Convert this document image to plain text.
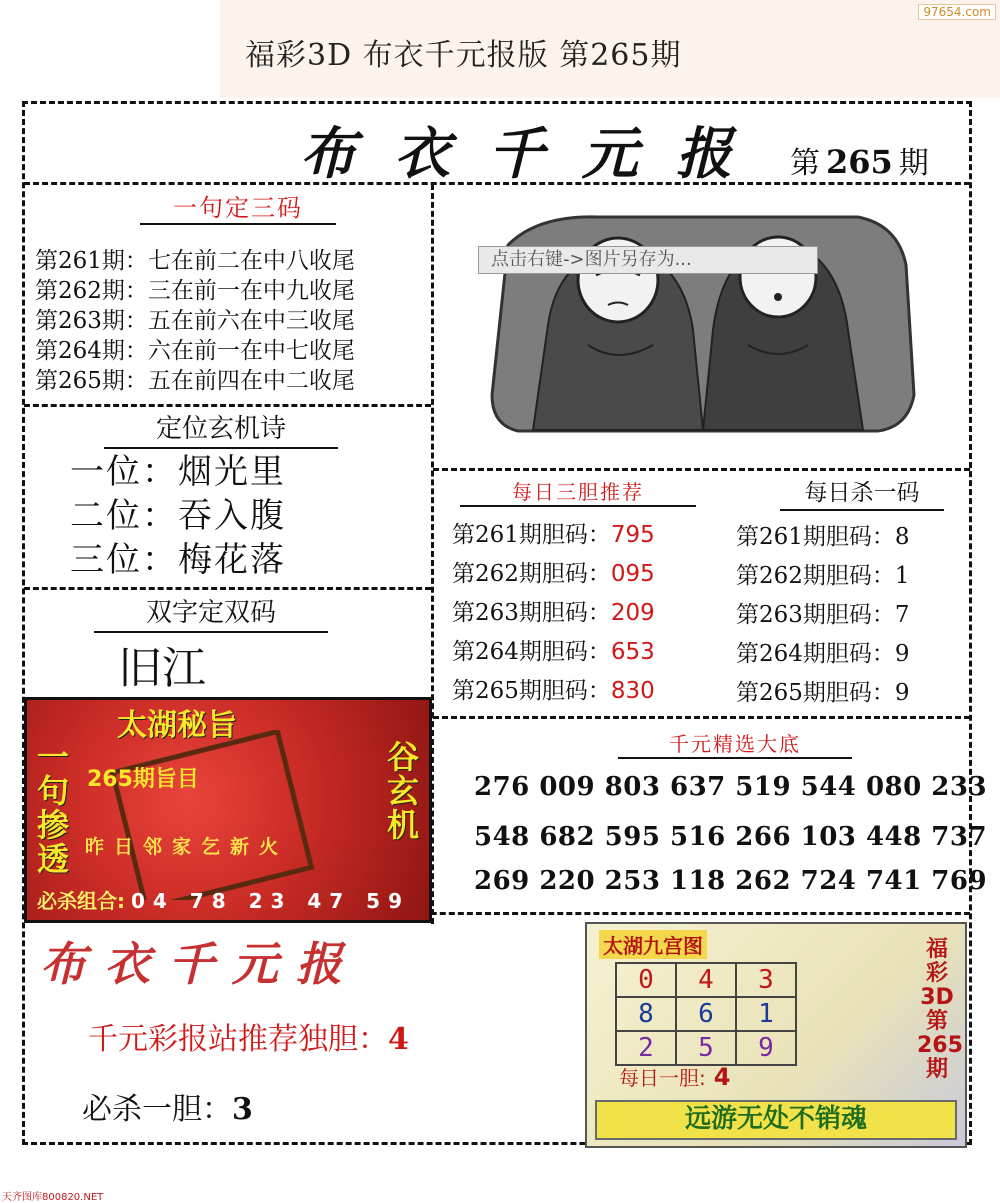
福彩3D 布衣千元报版 第265期
97654.com
布衣千元报 第 265 期
一句定三码
第261期：七在前二在中八收尾
第262期：三在前一在中九收尾
第263期：五在前六在中三收尾
第264期：六在前一在中七收尾
第265期：五在前四在中二收尾
定位玄机诗
一位：烟光里
二位：吞入腹
三位：梅花落
双字定双码
旧江
点击右键->图片另存为...
每日三胆推荐
第261期胆码：795
第262期胆码：095
第263期胆码：209
第264期胆码：653
第265期胆码：830
每日杀一码
第261期胆码：8
第262期胆码：1
第263期胆码：7
第264期胆码：9
第265期胆码：9
千元精选大底
276 009 803 637 519 544 080 233
548 682 595 516 266 103 448 737
269 220 253 118 262 724 741 769
太湖秘旨
一句掺透
谷玄机
265期旨目
昨日邻家乞新火
必杀组合: 04 78 23 47 59
布衣千元报
千元彩报站推荐独胆：4
必杀一胆：3
太湖九宫图
0	4	3
8	6	1
2	5	9
福彩3D第265期
每日一胆: 4
远游无处不销魂
天齐图库800820.NET
